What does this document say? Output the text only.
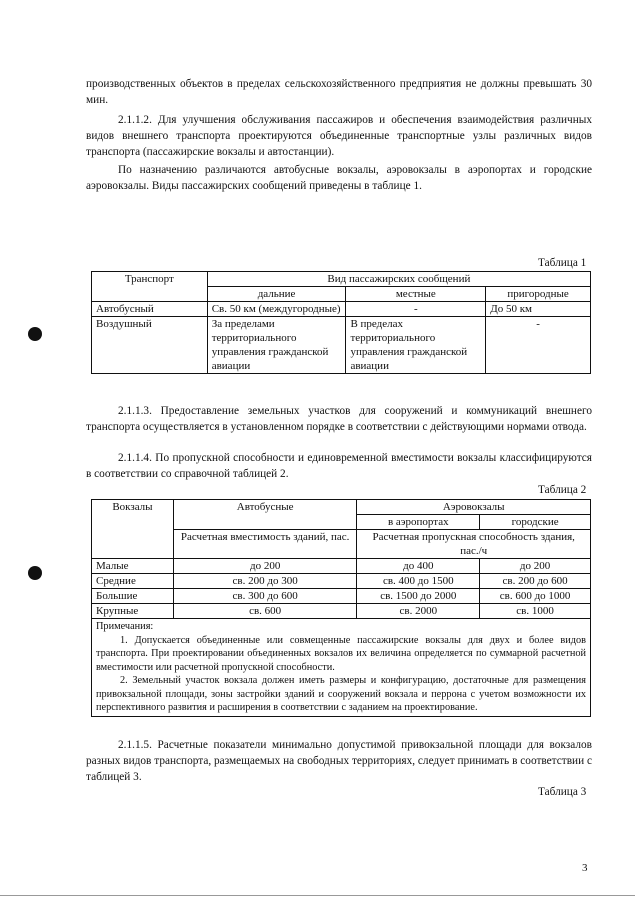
производственных объектов в пределах сельскохозяйственного предприятия не должны превышать 30 мин.
2.1.1.2. Для улучшения обслуживания пассажиров и обеспечения взаимодействия различных видов внешнего транспорта проектируются объединенные транспортные узлы различных видов транспорта (пассажирские вокзалы и автостанции).
По назначению различаются автобусные вокзалы, аэровокзалы в аэропортах и городские аэровокзалы. Виды пассажирских сообщений приведены в таблице 1.
Таблица 1
Транспорт	Вид пассажирских сообщений		
	дальние	местные	пригородные
Автобусный	Св. 50 км (междугородные)	-	До 50 км
Воздушный	За пределами территориального управления гражданской авиации	В пределах территориального управления гражданской авиации	-
2.1.1.3. Предоставление земельных участков для сооружений и коммуникаций внешнего транспорта осуществляется в установленном порядке в соответствии с действующими нормами отвода.
2.1.1.4. По пропускной способности и единовременной вместимости вокзалы классифицируются в соответствии со справочной таблицей 2.
Таблица 2
Вокзалы	Автобусные	Аэровокзалы	
		в аэропортах	городские
	Расчетная вместимость зданий, пас.	Расчетная пропускная способность здания, пас./ч	
Малые	до 200	до 400	до 200
Средние	св. 200 до 300	св. 400 до 1500	св. 200 до 600
Большие	св. 300 до 600	св. 1500 до 2000	св. 600 до 1000
Крупные	св. 600	св. 2000	св. 1000

Примечания:

1. Допускается объединенные или совмещенные пассажирские вокзалы для двух и более видов транспорта. При проектировании объединенных вокзалов их величина определяется по суммарной расчетной вместимости или расчетной пропускной способности.

2. Земельный участок вокзала должен иметь размеры и конфигурацию, достаточные для размещения привокзальной площади, зоны застройки зданий и сооружений вокзала и перрона с учетом возможности их перспективного развития и расширения в соответствии с заданием на проектирование.			

2.1.1.5. Расчетные показатели минимально допустимой привокзальной площади для вокзалов разных видов транспорта, размещаемых на свободных территориях, следует принимать в соответствии с таблицей 3.
Таблица 3
3
